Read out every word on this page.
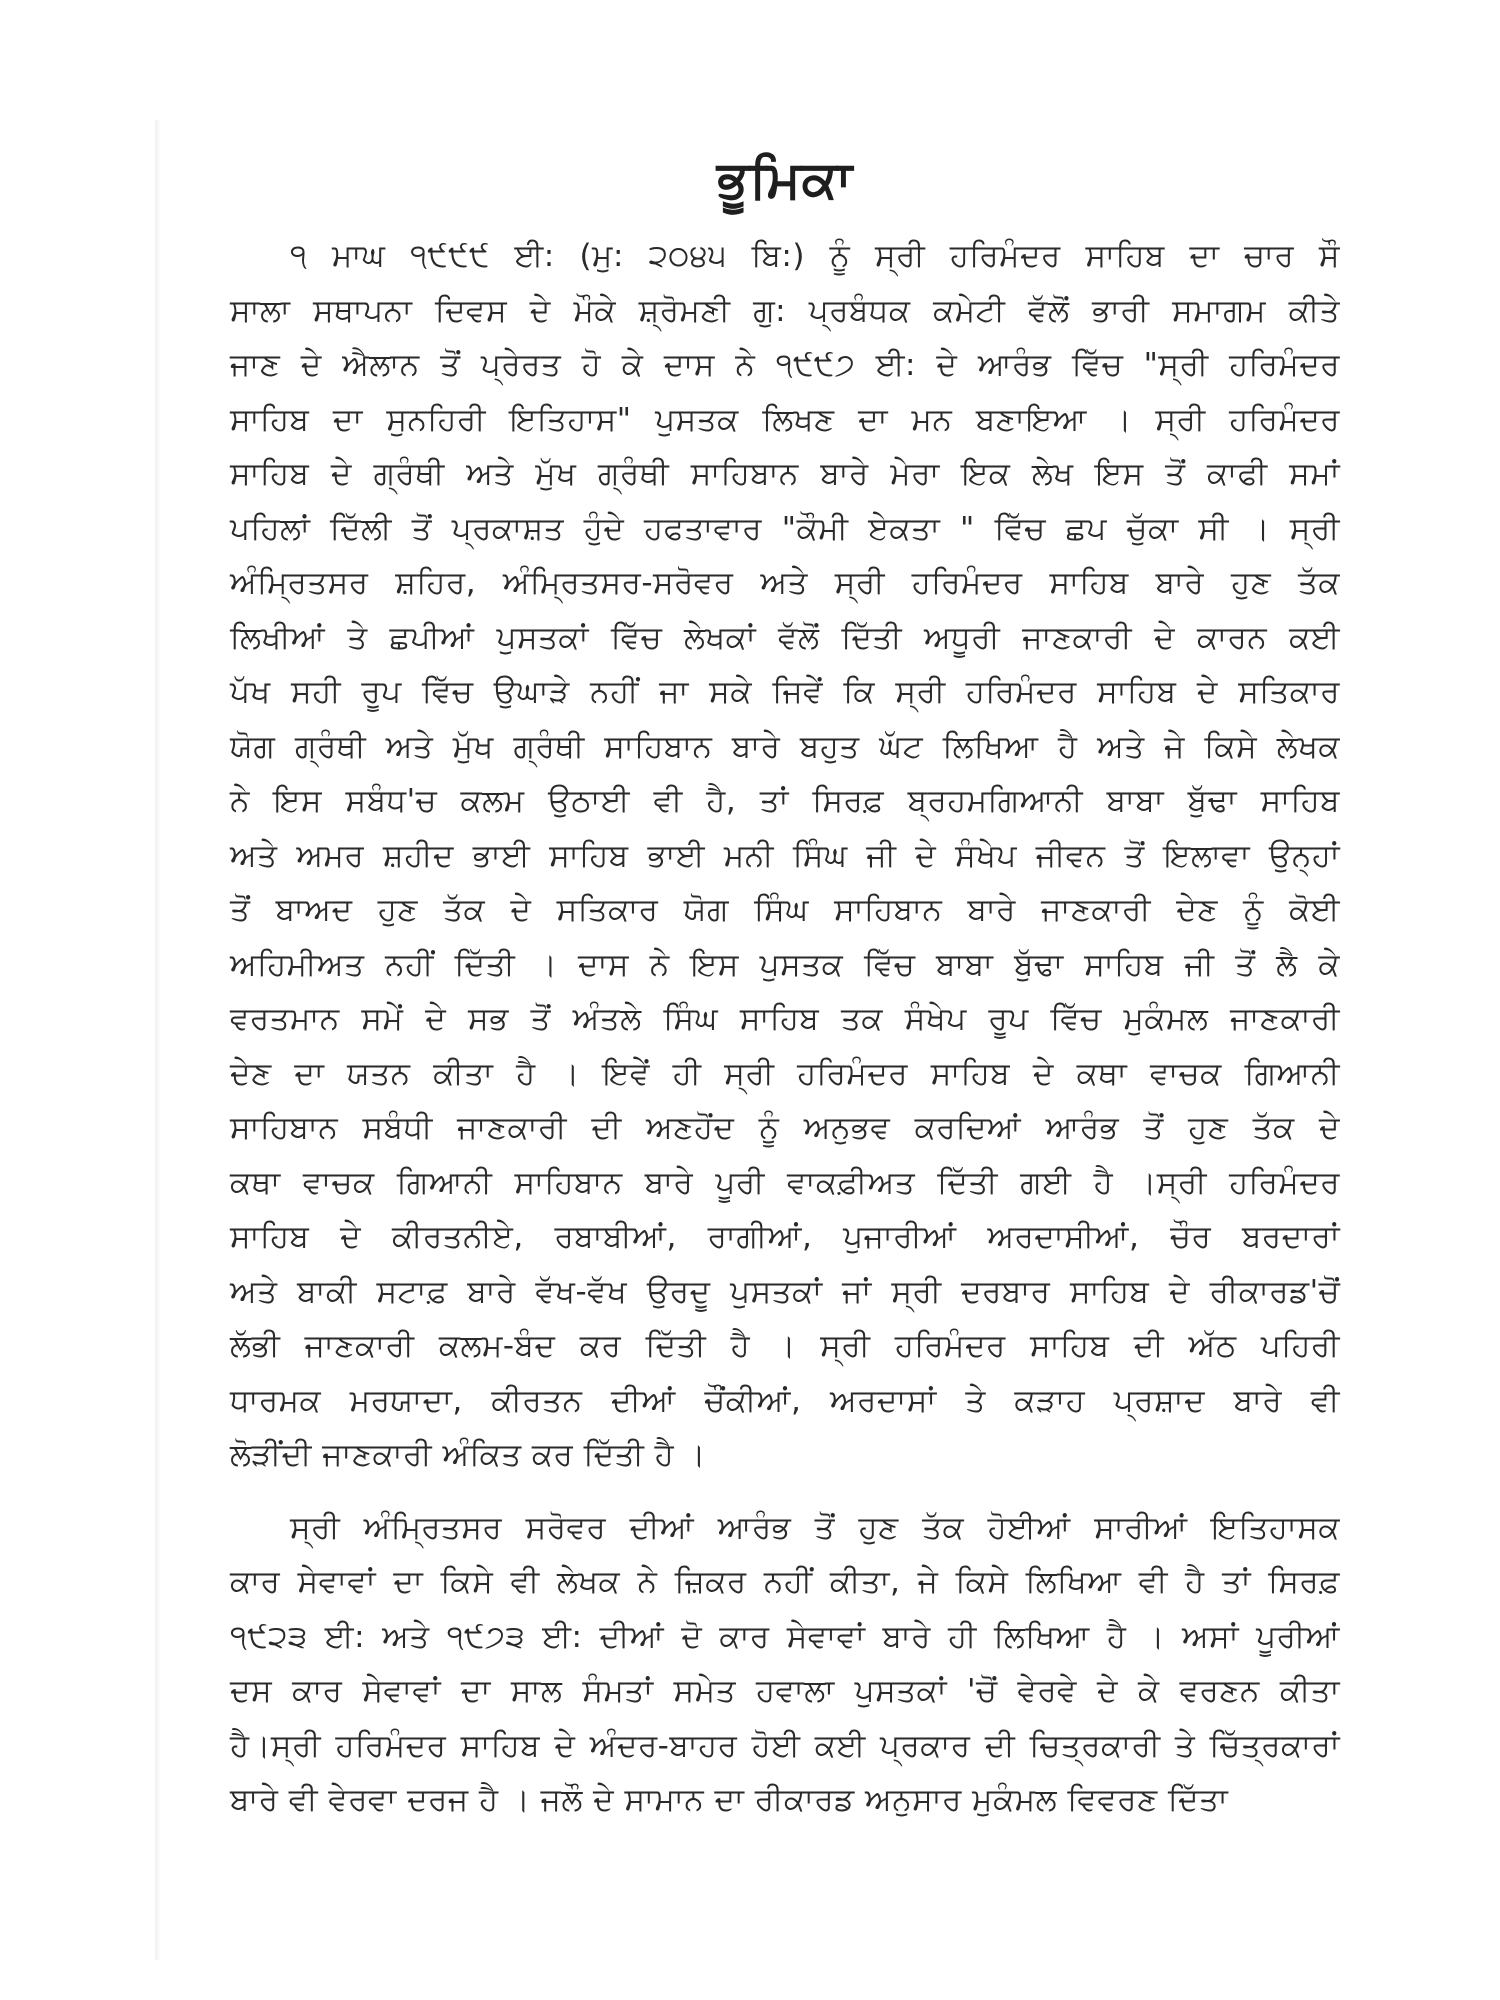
ਭੂਮਿਕਾ
੧ ਮਾਘ ੧੯੯੯ ਈ: (ਮੁ: ੨੦੪੫ ਬਿ:) ਨੂੰ ਸ੍ਰੀ ਹਰਿਮੰਦਰ ਸਾਹਿਬ ਦਾ ਚਾਰ ਸੌ
ਸਾਲਾ ਸਥਾਪਨਾ ਦਿਵਸ ਦੇ ਮੌਕੇ ਸ਼੍ਰੋਮਣੀ ਗੁ: ਪ੍ਰਬੰਧਕ ਕਮੇਟੀ ਵੱਲੋਂ ਭਾਰੀ ਸਮਾਗਮ ਕੀਤੇ
ਜਾਣ ਦੇ ਐਲਾਨ ਤੋਂ ਪ੍ਰੇਰਤ ਹੋ ਕੇ ਦਾਸ ਨੇ ੧੯੯੭ ਈ: ਦੇ ਆਰੰਭ ਵਿੱਚ "ਸ੍ਰੀ ਹਰਿਮੰਦਰ
ਸਾਹਿਬ ਦਾ ਸੁਨਹਿਰੀ ਇਤਿਹਾਸ" ਪੁਸਤਕ ਲਿਖਣ ਦਾ ਮਨ ਬਣਾਇਆ । ਸ੍ਰੀ ਹਰਿਮੰਦਰ
ਸਾਹਿਬ ਦੇ ਗ੍ਰੰਥੀ ਅਤੇ ਮੁੱਖ ਗ੍ਰੰਥੀ ਸਾਹਿਬਾਨ ਬਾਰੇ ਮੇਰਾ ਇਕ ਲੇਖ ਇਸ ਤੋਂ ਕਾਫੀ ਸਮਾਂ
ਪਹਿਲਾਂ ਦਿੱਲੀ ਤੋਂ ਪ੍ਰਕਾਸ਼ਤ ਹੁੰਦੇ ਹਫਤਾਵਾਰ "ਕੌਮੀ ਏਕਤਾ " ਵਿੱਚ ਛਪ ਚੁੱਕਾ ਸੀ । ਸ੍ਰੀ
ਅੰਮ੍ਰਿਤਸਰ ਸ਼ਹਿਰ, ਅੰਮ੍ਰਿਤਸਰ-ਸਰੋਵਰ ਅਤੇ ਸ੍ਰੀ ਹਰਿਮੰਦਰ ਸਾਹਿਬ ਬਾਰੇ ਹੁਣ ਤੱਕ
ਲਿਖੀਆਂ ਤੇ ਛਪੀਆਂ ਪੁਸਤਕਾਂ ਵਿੱਚ ਲੇਖਕਾਂ ਵੱਲੋਂ ਦਿੱਤੀ ਅਧੂਰੀ ਜਾਣਕਾਰੀ ਦੇ ਕਾਰਨ ਕਈ
ਪੱਖ ਸਹੀ ਰੂਪ ਵਿੱਚ ਉਘਾੜੇ ਨਹੀਂ ਜਾ ਸਕੇ ਜਿਵੇਂ ਕਿ ਸ੍ਰੀ ਹਰਿਮੰਦਰ ਸਾਹਿਬ ਦੇ ਸਤਿਕਾਰ
ਯੋਗ ਗ੍ਰੰਥੀ ਅਤੇ ਮੁੱਖ ਗ੍ਰੰਥੀ ਸਾਹਿਬਾਨ ਬਾਰੇ ਬਹੁਤ ਘੱਟ ਲਿਖਿਆ ਹੈ ਅਤੇ ਜੇ ਕਿਸੇ ਲੇਖਕ
ਨੇ ਇਸ ਸਬੰਧ'ਚ ਕਲਮ ਉਠਾਈ ਵੀ ਹੈ, ਤਾਂ ਸਿਰਫ਼ ਬ੍ਰਹਮਗਿਆਨੀ ਬਾਬਾ ਬੁੱਢਾ ਸਾਹਿਬ
ਅਤੇ ਅਮਰ ਸ਼ਹੀਦ ਭਾਈ ਸਾਹਿਬ ਭਾਈ ਮਨੀ ਸਿੰਘ ਜੀ ਦੇ ਸੰਖੇਪ ਜੀਵਨ ਤੋਂ ਇਲਾਵਾ ਉਨ੍ਹਾਂ
ਤੋਂ ਬਾਅਦ ਹੁਣ ਤੱਕ ਦੇ ਸਤਿਕਾਰ ਯੋਗ ਸਿੰਘ ਸਾਹਿਬਾਨ ਬਾਰੇ ਜਾਣਕਾਰੀ ਦੇਣ ਨੂੰ ਕੋਈ
ਅਹਿਮੀਅਤ ਨਹੀਂ ਦਿੱਤੀ । ਦਾਸ ਨੇ ਇਸ ਪੁਸਤਕ ਵਿੱਚ ਬਾਬਾ ਬੁੱਢਾ ਸਾਹਿਬ ਜੀ ਤੋਂ ਲੈ ਕੇ
ਵਰਤਮਾਨ ਸਮੇਂ ਦੇ ਸਭ ਤੋਂ ਅੰਤਲੇ ਸਿੰਘ ਸਾਹਿਬ ਤਕ ਸੰਖੇਪ ਰੂਪ ਵਿੱਚ ਮੁਕੰਮਲ ਜਾਣਕਾਰੀ
ਦੇਣ ਦਾ ਯਤਨ ਕੀਤਾ ਹੈ । ਇਵੇਂ ਹੀ ਸ੍ਰੀ ਹਰਿਮੰਦਰ ਸਾਹਿਬ ਦੇ ਕਥਾ ਵਾਚਕ ਗਿਆਨੀ
ਸਾਹਿਬਾਨ ਸਬੰਧੀ ਜਾਣਕਾਰੀ ਦੀ ਅਣਹੋਂਦ ਨੂੰ ਅਨੁਭਵ ਕਰਦਿਆਂ ਆਰੰਭ ਤੋਂ ਹੁਣ ਤੱਕ ਦੇ
ਕਥਾ ਵਾਚਕ ਗਿਆਨੀ ਸਾਹਿਬਾਨ ਬਾਰੇ ਪੂਰੀ ਵਾਕਫ਼ੀਅਤ ਦਿੱਤੀ ਗਈ ਹੈ ।ਸ੍ਰੀ ਹਰਿਮੰਦਰ
ਸਾਹਿਬ ਦੇ ਕੀਰਤਨੀਏ, ਰਬਾਬੀਆਂ, ਰਾਗੀਆਂ, ਪੁਜਾਰੀਆਂ ਅਰਦਾਸੀਆਂ, ਚੌਰ ਬਰਦਾਰਾਂ
ਅਤੇ ਬਾਕੀ ਸਟਾਫ਼ ਬਾਰੇ ਵੱਖ-ਵੱਖ ਉਰਦੂ ਪੁਸਤਕਾਂ ਜਾਂ ਸ੍ਰੀ ਦਰਬਾਰ ਸਾਹਿਬ ਦੇ ਰੀਕਾਰਡ'ਚੋਂ
ਲੱਭੀ ਜਾਣਕਾਰੀ ਕਲਮ-ਬੰਦ ਕਰ ਦਿੱਤੀ ਹੈ । ਸ੍ਰੀ ਹਰਿਮੰਦਰ ਸਾਹਿਬ ਦੀ ਅੱਠ ਪਹਿਰੀ
ਧਾਰਮਕ ਮਰਯਾਦਾ, ਕੀਰਤਨ ਦੀਆਂ ਚੌਂਕੀਆਂ, ਅਰਦਾਸਾਂ ਤੇ ਕੜਾਹ ਪ੍ਰਸ਼ਾਦ ਬਾਰੇ ਵੀ
ਲੋੜੀਂਦੀ ਜਾਣਕਾਰੀ ਅੰਕਿਤ ਕਰ ਦਿੱਤੀ ਹੈ ।
ਸ੍ਰੀ ਅੰਮ੍ਰਿਤਸਰ ਸਰੋਵਰ ਦੀਆਂ ਆਰੰਭ ਤੋਂ ਹੁਣ ਤੱਕ ਹੋਈਆਂ ਸਾਰੀਆਂ ਇਤਿਹਾਸਕ
ਕਾਰ ਸੇਵਾਵਾਂ ਦਾ ਕਿਸੇ ਵੀ ਲੇਖਕ ਨੇ ਜ਼ਿਕਰ ਨਹੀਂ ਕੀਤਾ, ਜੇ ਕਿਸੇ ਲਿਖਿਆ ਵੀ ਹੈ ਤਾਂ ਸਿਰਫ਼
੧੯੨੩ ਈ: ਅਤੇ ੧੯੭੩ ਈ: ਦੀਆਂ ਦੋ ਕਾਰ ਸੇਵਾਵਾਂ ਬਾਰੇ ਹੀ ਲਿਖਿਆ ਹੈ । ਅਸਾਂ ਪੂਰੀਆਂ
ਦਸ ਕਾਰ ਸੇਵਾਵਾਂ ਦਾ ਸਾਲ ਸੰਮਤਾਂ ਸਮੇਤ ਹਵਾਲਾ ਪੁਸਤਕਾਂ 'ਚੋਂ ਵੇਰਵੇ ਦੇ ਕੇ ਵਰਣਨ ਕੀਤਾ
ਹੈ।ਸ੍ਰੀ ਹਰਿਮੰਦਰ ਸਾਹਿਬ ਦੇ ਅੰਦਰ-ਬਾਹਰ ਹੋਈ ਕਈ ਪ੍ਰਕਾਰ ਦੀ ਚਿਤ੍ਰਕਾਰੀ ਤੇ ਚਿੱਤ੍ਰਕਾਰਾਂ
ਬਾਰੇ ਵੀ ਵੇਰਵਾ ਦਰਜ ਹੈ । ਜਲੌ ਦੇ ਸਾਮਾਨ ਦਾ ਰੀਕਾਰਡ ਅਨੁਸਾਰ ਮੁਕੰਮਲ ਵਿਵਰਣ ਦਿੱਤਾ
